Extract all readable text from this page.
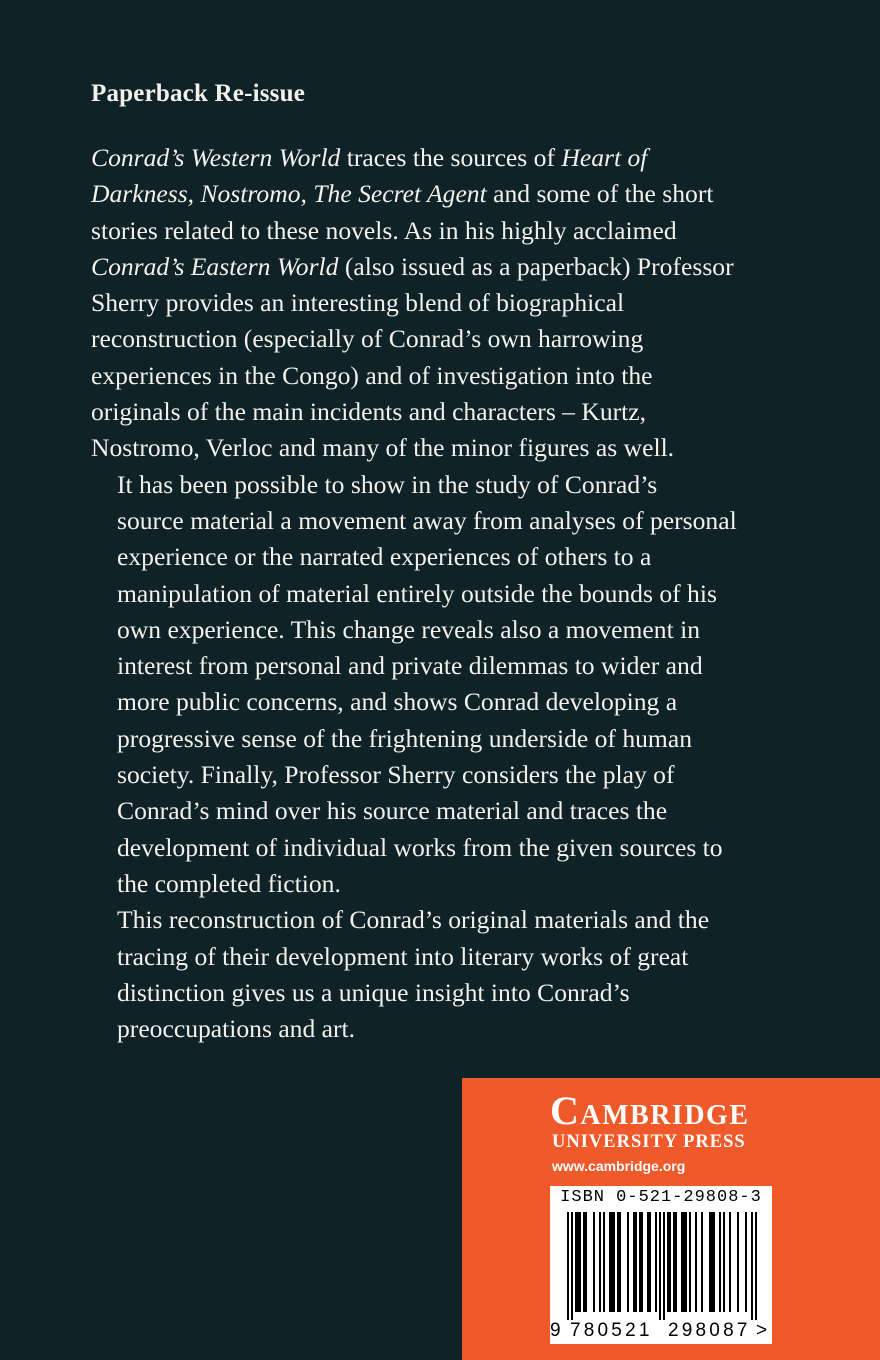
Paperback Re-issue

Conrad’s Western World traces the sources of Heart of
Darkness, Nostromo, The Secret Agent and some of the short
stories related to these novels. As in his highly acclaimed
Conrad’s Eastern World (also issued as a paperback) Professor
Sherry provides an interesting blend of biographical
reconstruction (especially of Conrad’s own harrowing
experiences in the Congo) and of investigation into the
originals of the main incidents and characters – Kurtz,
Nostromo, Verloc and many of the minor figures as well.

It has been possible to show in the study of Conrad’s
source material a movement away from analyses of personal
experience or the narrated experiences of others to a
manipulation of material entirely outside the bounds of his
own experience. This change reveals also a movement in
interest from personal and private dilemmas to wider and
more public concerns, and shows Conrad developing a
progressive sense of the frightening underside of human
society. Finally, Professor Sherry considers the play of
Conrad’s mind over his source material and traces the
development of individual works from the given sources to
the completed fiction.

This reconstruction of Conrad’s original materials and the
tracing of their development into literary works of great
distinction gives us a unique insight into Conrad’s
preoccupations and art.

Cambridge
UNIVERSITY PRESS
www.cambridge.org
ISBN 0-521-29808-3
9 780521 298087 >
